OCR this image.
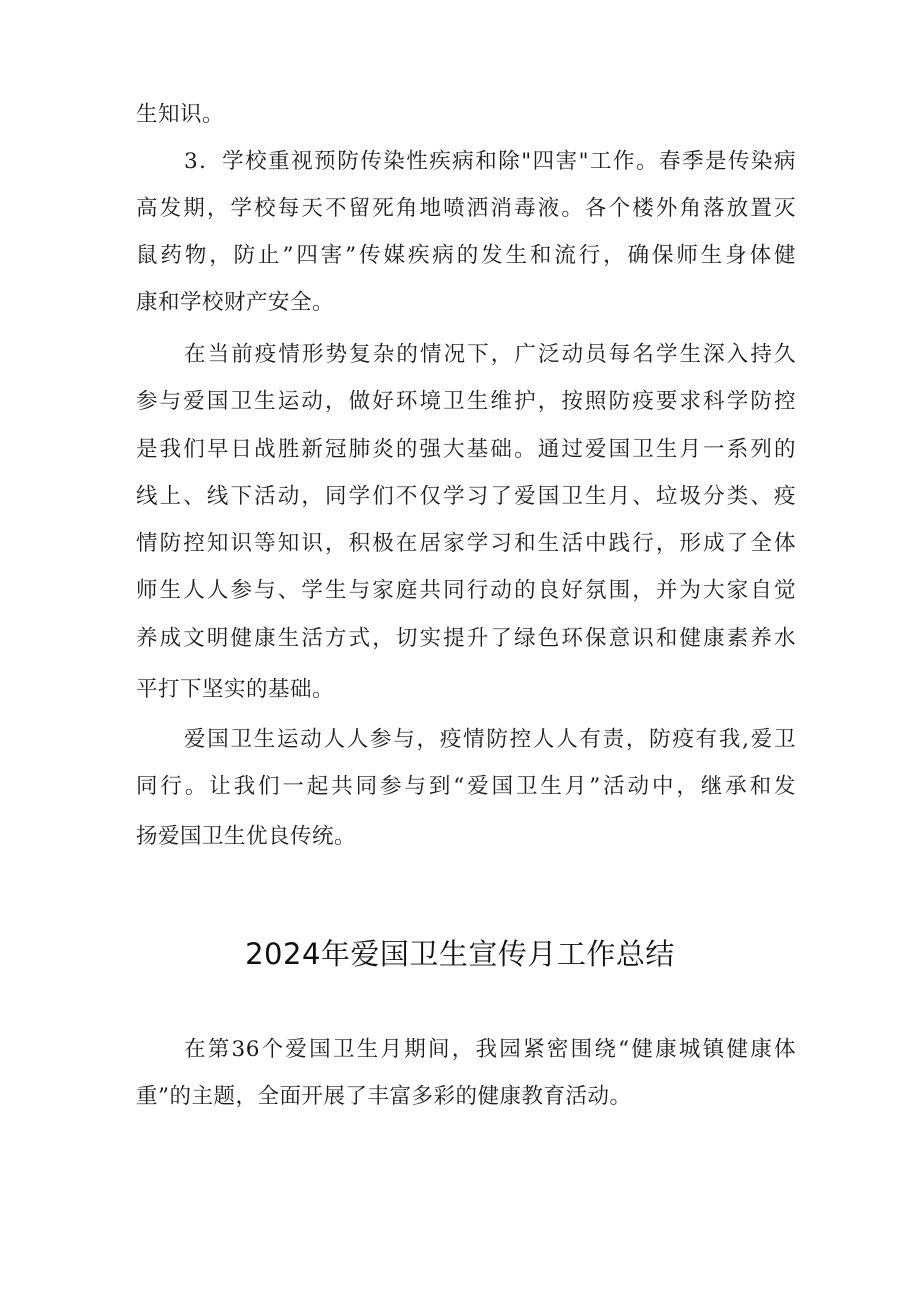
生知识。
3．学校重视预防传染性疾病和除"四害"工作。春季是传染病
高发期，学校每天不留死角地喷洒消毒液。各个楼外角落放置灭
鼠药物，防止”四害”传媒疾病的发生和流行，确保师生身体健
康和学校财产安全。
在当前疫情形势复杂的情况下，广泛动员每名学生深入持久
参与爱国卫生运动，做好环境卫生维护，按照防疫要求科学防控
是我们早日战胜新冠肺炎的强大基础。通过爱国卫生月一系列的
线上、线下活动，同学们不仅学习了爱国卫生月、垃圾分类、疫
情防控知识等知识，积极在居家学习和生活中践行，形成了全体
师生人人参与、学生与家庭共同行动的良好氛围，并为大家自觉
养成文明健康生活方式，切实提升了绿色环保意识和健康素养水
平打下坚实的基础。
爱国卫生运动人人参与，疫情防控人人有责，防疫有我,爱卫
同行。让我们一起共同参与到“爱国卫生月”活动中，继承和发
扬爱国卫生优良传统。
2024年爱国卫生宣传月工作总结
在第36个爱国卫生月期间，我园紧密围绕“健康城镇健康体
重”的主题，全面开展了丰富多彩的健康教育活动。
